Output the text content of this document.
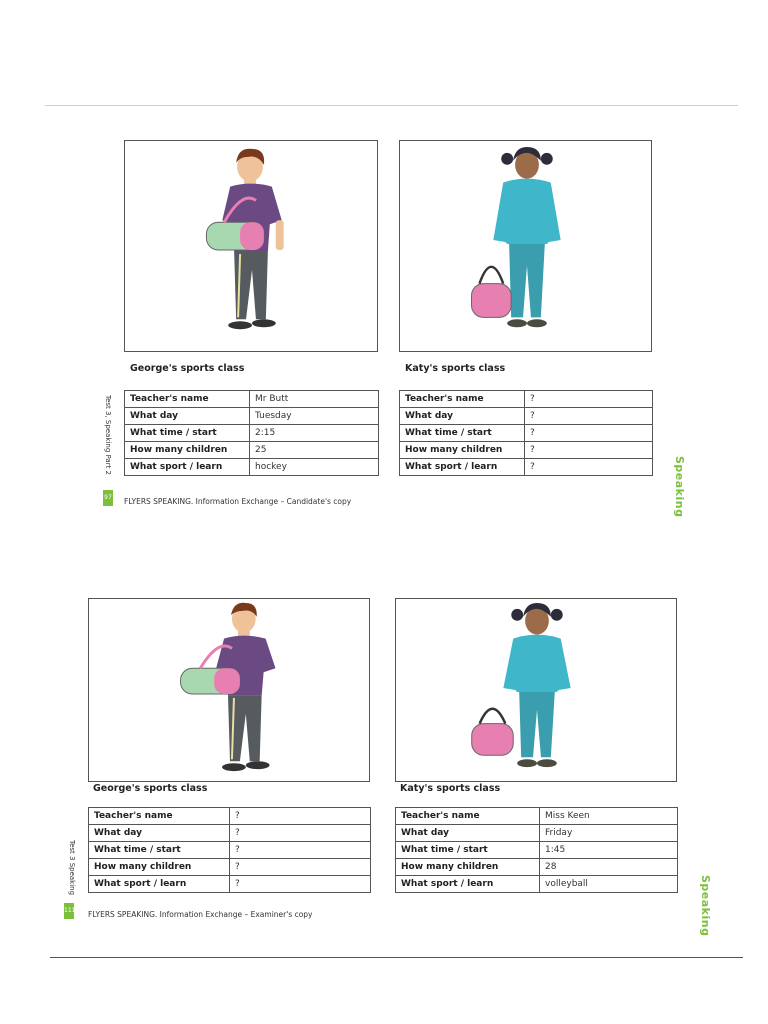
George's sports class	Katy's sports class
Teacher's name	Mr Butt
What day	Tuesday
What time / start	2:15
How many children	25
What sport / learn	hockey
Teacher's name	?
What day	?
What time / start	?
How many children	?
What sport / learn	?
Test 3, Speaking Part 2
97 FLYERS SPEAKING. Information Exchange – Candidate's copy	Speaking
George's sports class	Katy's sports class
Teacher's name	?
What day	?
What time / start	?
How many children	?
What sport / learn	?
Teacher's name	Miss Keen
What day	Friday
What time / start	1:45
How many children	28
What sport / learn	volleyball
Test 3 Speaking
111 FLYERS SPEAKING. Information Exchange – Examiner's copy	Speaking
